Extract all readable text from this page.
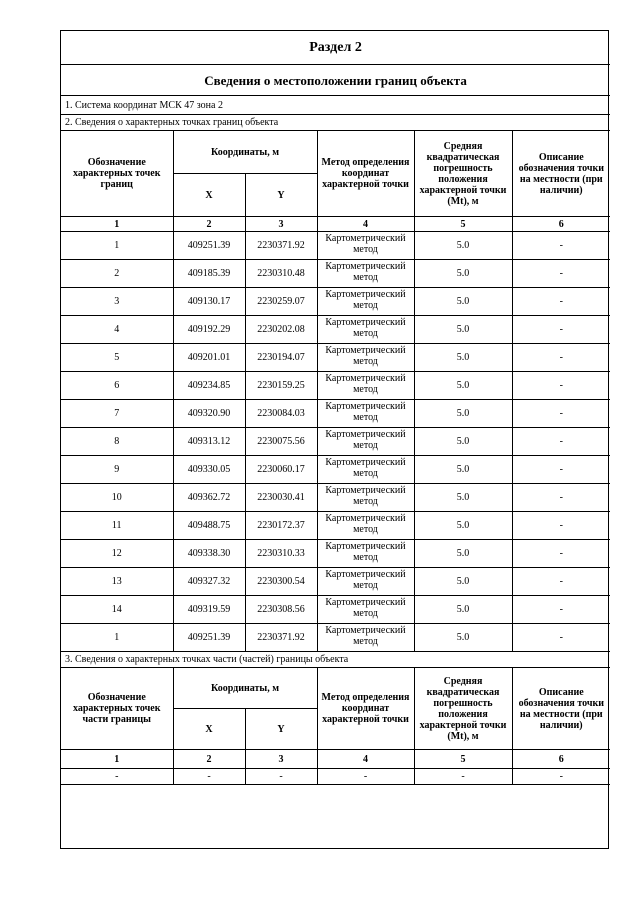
Раздел 2					
Сведения о местоположении границ объекта					
1. Система координат МСК 47 зона 2					
2. Сведения о характерных точках границ объекта					
Обозначение характерных точек границ	Координаты, м		Метод определения координат характерной точки	Средняя квадратическая погрешность положения характерной точки (Mt), м	Описание обозначения точки на местности (при наличии)
	X	Y			
1	2	3	4	5	6
1	409251.39	2230371.92	Картометрический метод	5.0	-
2	409185.39	2230310.48	Картометрический метод	5.0	-
3	409130.17	2230259.07	Картометрический метод	5.0	-
4	409192.29	2230202.08	Картометрический метод	5.0	-
5	409201.01	2230194.07	Картометрический метод	5.0	-
6	409234.85	2230159.25	Картометрический метод	5.0	-
7	409320.90	2230084.03	Картометрический метод	5.0	-
8	409313.12	2230075.56	Картометрический метод	5.0	-
9	409330.05	2230060.17	Картометрический метод	5.0	-
10	409362.72	2230030.41	Картометрический метод	5.0	-
11	409488.75	2230172.37	Картометрический метод	5.0	-
12	409338.30	2230310.33	Картометрический метод	5.0	-
13	409327.32	2230300.54	Картометрический метод	5.0	-
14	409319.59	2230308.56	Картометрический метод	5.0	-
1	409251.39	2230371.92	Картометрический метод	5.0	-
3. Сведения о характерных точках части (частей) границы объекта					
Обозначение характерных точек части границы	Координаты, м		Метод определения координат характерной точки	Средняя квадратическая погрешность положения характерной точки (Mt), м	Описание обозначения точки на местности (при наличии)
	X	Y			
1	2	3	4	5	6
-	-	-	-	-	-
